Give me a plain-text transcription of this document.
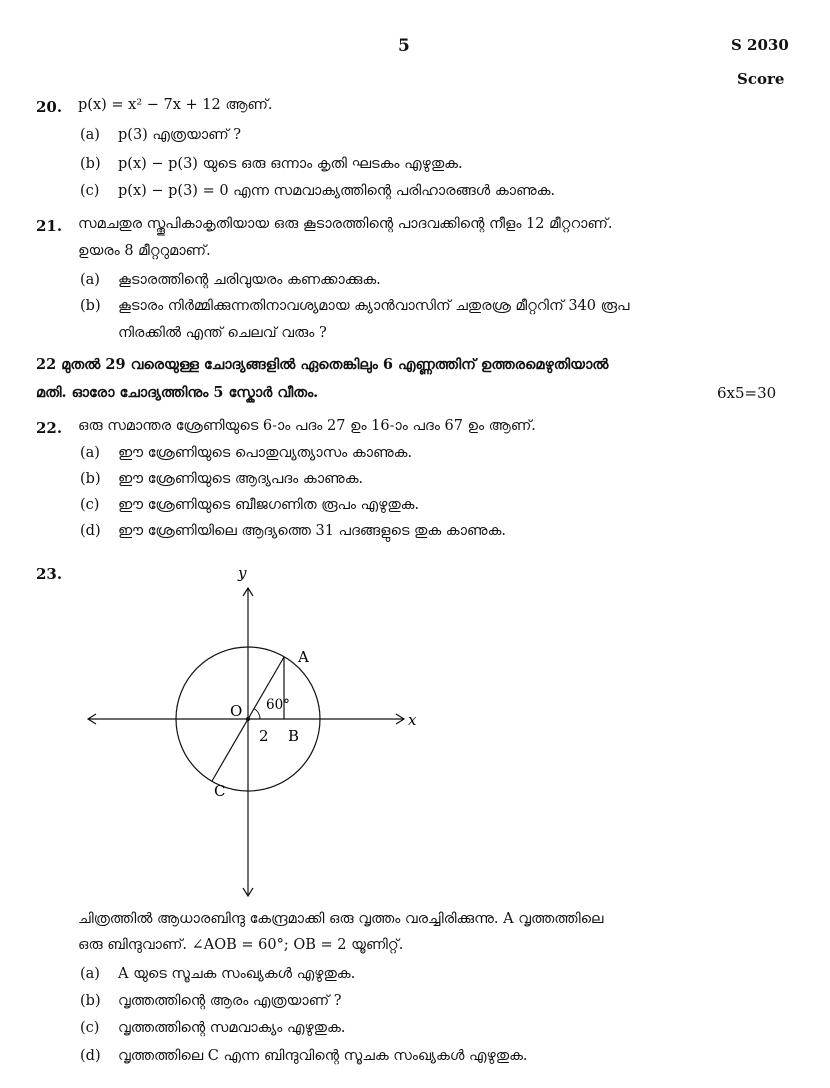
5	S 2030
Score
20. p(x) = x² − 7x + 12 ആണ്.
(a) p(3) എത്രയാണ് ?
(b) p(x) − p(3) യുടെ ഒരു ഒന്നാം കൃതി ഘടകം എഴുതുക.
(c) p(x) − p(3) = 0 എന്ന സമവാക്യത്തിന്റെ പരിഹാരങ്ങൾ കാണുക.
21. സമചതുര സ്തൂപികാകൃതിയായ ഒരു കൂടാരത്തിന്റെ പാദവക്കിന്റെ നീളം 12 മീറ്ററാണ്.
ഉയരം 8 മീറ്ററുമാണ്.
(a) കൂടാരത്തിന്റെ ചരിവുയരം കണക്കാക്കുക.
(b) കൂടാരം നിർമ്മിക്കുന്നതിനാവശ്യമായ ക്യാൻവാസിന് ചതുരശ്ര മീറ്ററിന് 340 രൂപ
നിരക്കിൽ എന്ത് ചെലവ് വരും ?
22 മുതൽ 29 വരെയുള്ള ചോദ്യങ്ങളിൽ ഏതെങ്കിലും 6 എണ്ണത്തിന് ഉത്തരമെഴുതിയാൽ
മതി. ഓരോ ചോദ്യത്തിനും 5 സ്കോർ വീതം.	6x5=30
22. ഒരു സമാന്തര ശ്രേണിയുടെ 6-ാം പദം 27 ഉം 16-ാം പദം 67 ഉം ആണ്.
(a) ഈ ശ്രേണിയുടെ പൊതുവ്യത്യാസം കാണുക.
(b) ഈ ശ്രേണിയുടെ ആദ്യപദം കാണുക.
(c) ഈ ശ്രേണിയുടെ ബീജഗണിത രൂപം എഴുതുക.
(d) ഈ ശ്രേണിയിലെ ആദ്യത്തെ 31 പദങ്ങളുടെ തുക കാണുക.
23.	y
x
O
A
B
C
60°
2
ചിത്രത്തിൽ ആധാരബിന്ദു കേന്ദ്രമാക്കി ഒരു വൃത്തം വരച്ചിരിക്കുന്നു. A വൃത്തത്തിലെ
ഒരു ബിന്ദുവാണ്. ∠AOB = 60°; OB = 2 യൂണിറ്റ്.
(a) A യുടെ സൂചക സംഖ്യകൾ എഴുതുക.
(b) വൃത്തത്തിന്റെ ആരം എത്രയാണ് ?
(c) വൃത്തത്തിന്റെ സമവാക്യം എഴുതുക.
(d) വൃത്തത്തിലെ C എന്ന ബിന്ദുവിന്റെ സൂചക സംഖ്യകൾ എഴുതുക.
